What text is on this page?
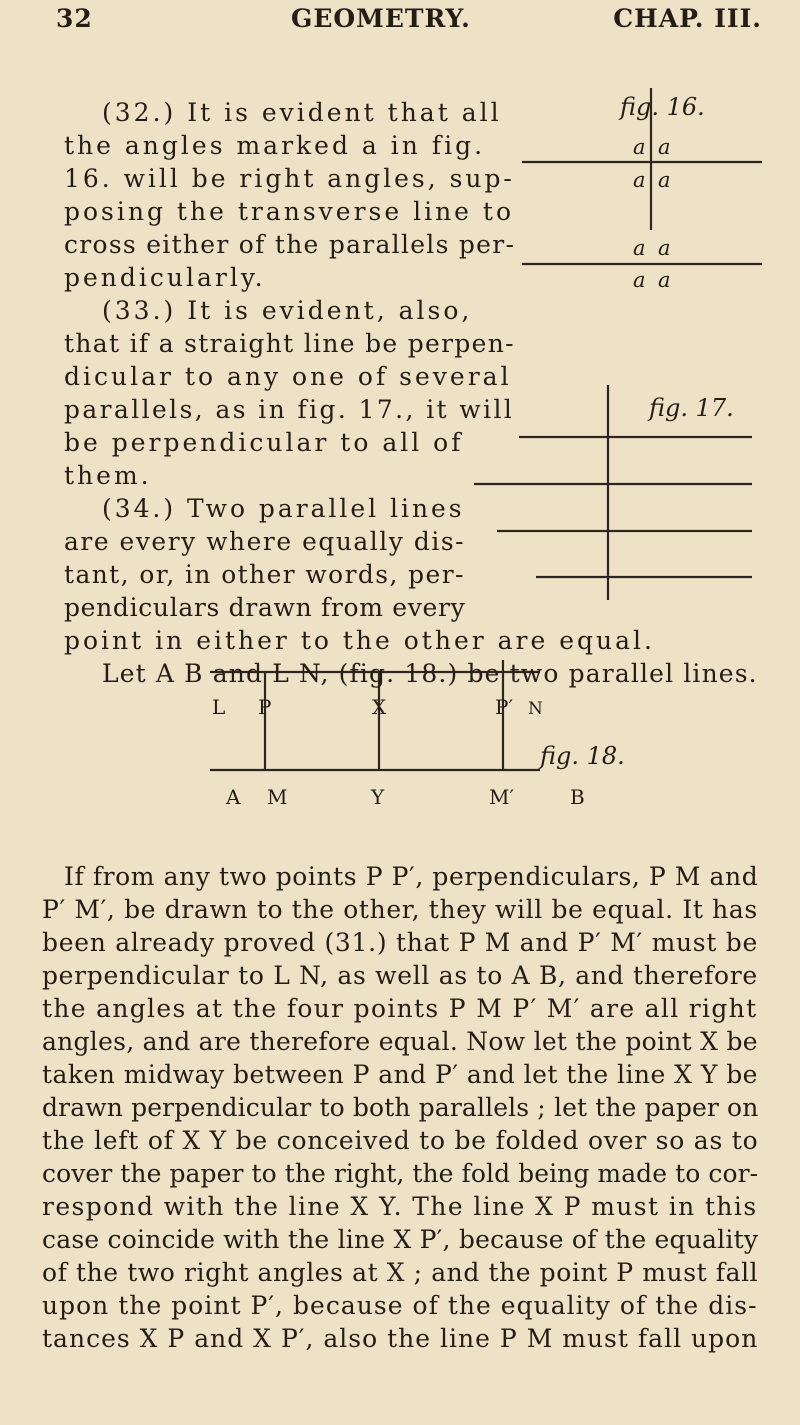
32	GEOMETRY.	CHAP. III.
fig. 16.
a a
a a
a a
a a
fig. 17.
(32.) It is evident that all
the angles marked a in fig.
16. will be right angles, sup-
posing the transverse line to
cross either of the parallels per-
pendicularly.
(33.) It is evident, also,
that if a straight line be perpen-
dicular to any one of several
parallels, as in fig. 17., it will
be perpendicular to all of
them.
(34.) Two parallel lines
are every where equally dis-
tant, or, in other words, per-
pendiculars drawn from every
point in either to the other are equal.
Let A B and L N, (fig. 18.) be two parallel lines.
L P	X	P′ N
fig. 18.
A M	Y	M′	B
If from any two points P P′, perpendiculars, P M and
P′ M′, be drawn to the other, they will be equal. It has
been already proved (31.) that P M and P′ M′ must be
perpendicular to L N, as well as to A B, and therefore
the angles at the four points P M P′ M′ are all right
angles, and are therefore equal. Now let the point X be
taken midway between P and P′ and let the line X Y be
drawn perpendicular to both parallels ; let the paper on
the left of X Y be conceived to be folded over so as to
cover the paper to the right, the fold being made to cor-
respond with the line X Y. The line X P must in this
case coincide with the line X P′, because of the equality
of the two right angles at X ; and the point P must fall
upon the point P′, because of the equality of the dis-
tances X P and X P′, also the line P M must fall upon
